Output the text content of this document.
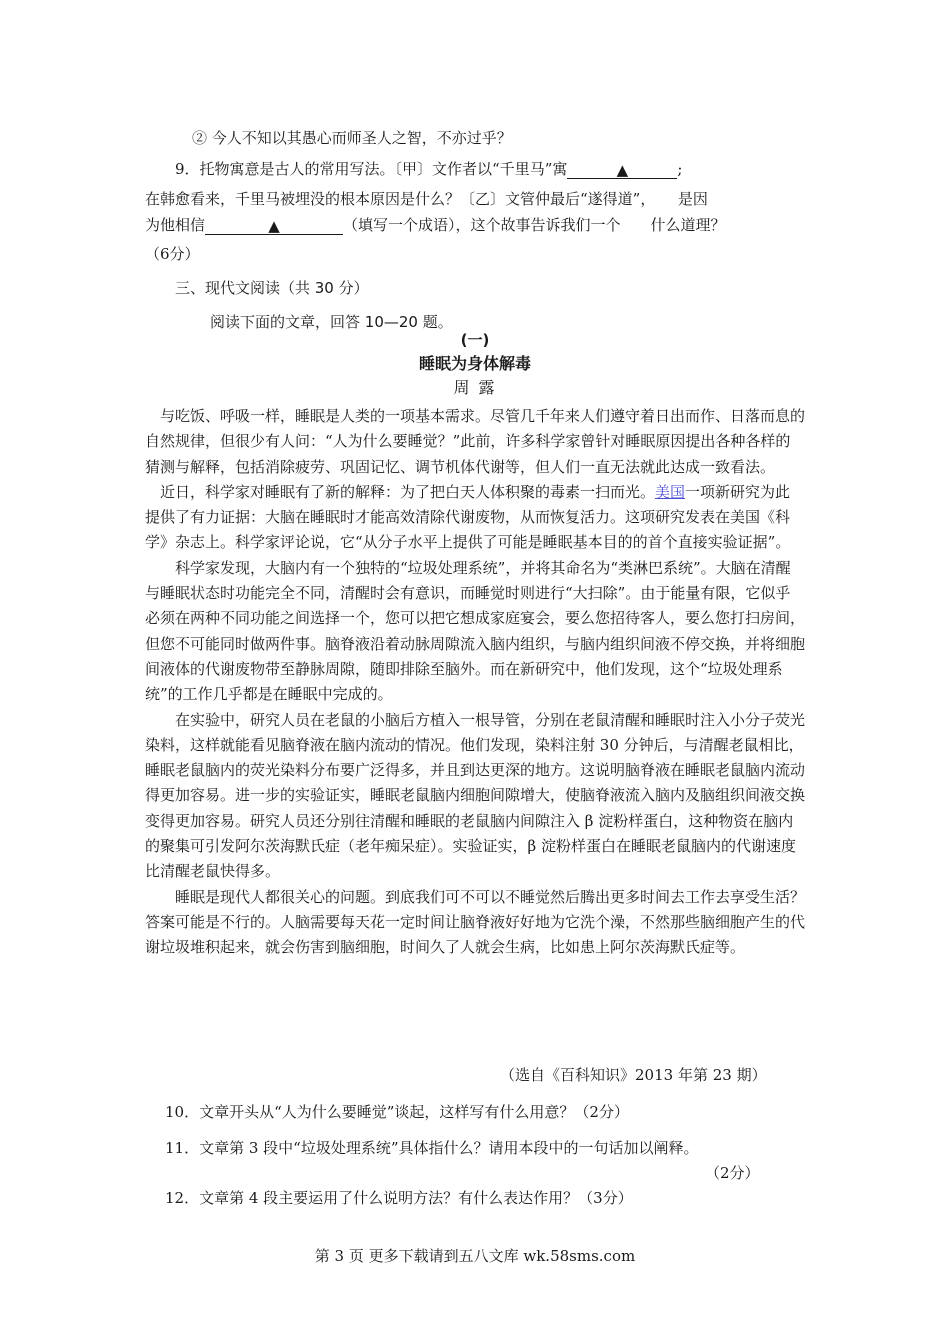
② 今人不知以其愚心而师圣人之智，不亦过乎？
9．托物寓意是古人的常用写法。〔甲〕文作者以“千里马”寓	▲	;
在韩愈看来，千里马被埋没的根本原因是什么？〔乙〕文管仲最后“遂得道”，　　是因
为他相信	▲	（填写一个成语），这个故事告诉我们一个　　什么道理？
（6分）
三、现代文阅读（共 30 分）
阅读下面的文章，回答 10—20 题。
(一)
睡眠为身体解毒
周 露
　与吃饭、呼吸一样，睡眠是人类的一项基本需求。尽管几千年来人们遵守着日出而作、日落而息的自然规律，但很少有人问：“人为什么要睡觉？”此前，许多科学家曾针对睡眠原因提出各种各样的猜测与解释，包括消除疲劳、巩固记忆、调节机体代谢等，但人们一直无法就此达成一致看法。
　近日，科学家对睡眠有了新的解释：为了把白天人体积聚的毒素一扫而光。美国一项新研究为此提供了有力证据：大脑在睡眠时才能高效清除代谢废物，从而恢复活力。这项研究发表在美国《科学》杂志上。科学家评论说，它“从分子水平上提供了可能是睡眠基本目的的首个直接实验证据”。
　　科学家发现，大脑内有一个独特的“垃圾处理系统”，并将其命名为“类淋巴系统”。大脑在清醒与睡眠状态时功能完全不同，清醒时会有意识，而睡觉时则进行“大扫除”。由于能量有限，它似乎必须在两种不同功能之间选择一个，您可以把它想成家庭宴会，要么您招待客人，要么您打扫房间，但您不可能同时做两件事。脑脊液沿着动脉周隙流入脑内组织，与脑内组织间液不停交换，并将细胞间液体的代谢废物带至静脉周隙，随即排除至脑外。而在新研究中，他们发现，这个“垃圾处理系统”的工作几乎都是在睡眠中完成的。
　　在实验中，研究人员在老鼠的小脑后方植入一根导管，分别在老鼠清醒和睡眠时注入小分子荧光染料，这样就能看见脑脊液在脑内流动的情况。他们发现，染料注射 30 分钟后，与清醒老鼠相比，睡眠老鼠脑内的荧光染料分布要广泛得多，并且到达更深的地方。这说明脑脊液在睡眠老鼠脑内流动得更加容易。进一步的实验证实，睡眠老鼠脑内细胞间隙增大，使脑脊液流入脑内及脑组织间液交换变得更加容易。研究人员还分别往清醒和睡眠的老鼠脑内间隙注入 β 淀粉样蛋白，这种物资在脑内的聚集可引发阿尔茨海默氏症（老年痴呆症）。实验证实，β 淀粉样蛋白在睡眠老鼠脑内的代谢速度比清醒老鼠快得多。
　　睡眠是现代人都很关心的问题。到底我们可不可以不睡觉然后腾出更多时间去工作去享受生活？答案可能是不行的。人脑需要每天花一定时间让脑脊液好好地为它洗个澡，不然那些脑细胞产生的代谢垃圾堆积起来，就会伤害到脑细胞，时间久了人就会生病，比如患上阿尔茨海默氏症等。
（选自《百科知识》2013 年第 23 期）
10．文章开头从“人为什么要睡觉”谈起，这样写有什么用意？（2分）
11．文章第 3 段中“垃圾处理系统”具体指什么？请用本段中的一句话加以阐释。
（2分）
12．文章第 4 段主要运用了什么说明方法？有什么表达作用？（3分）
第 3 页 更多下载请到五八文库 wk.58sms.com
